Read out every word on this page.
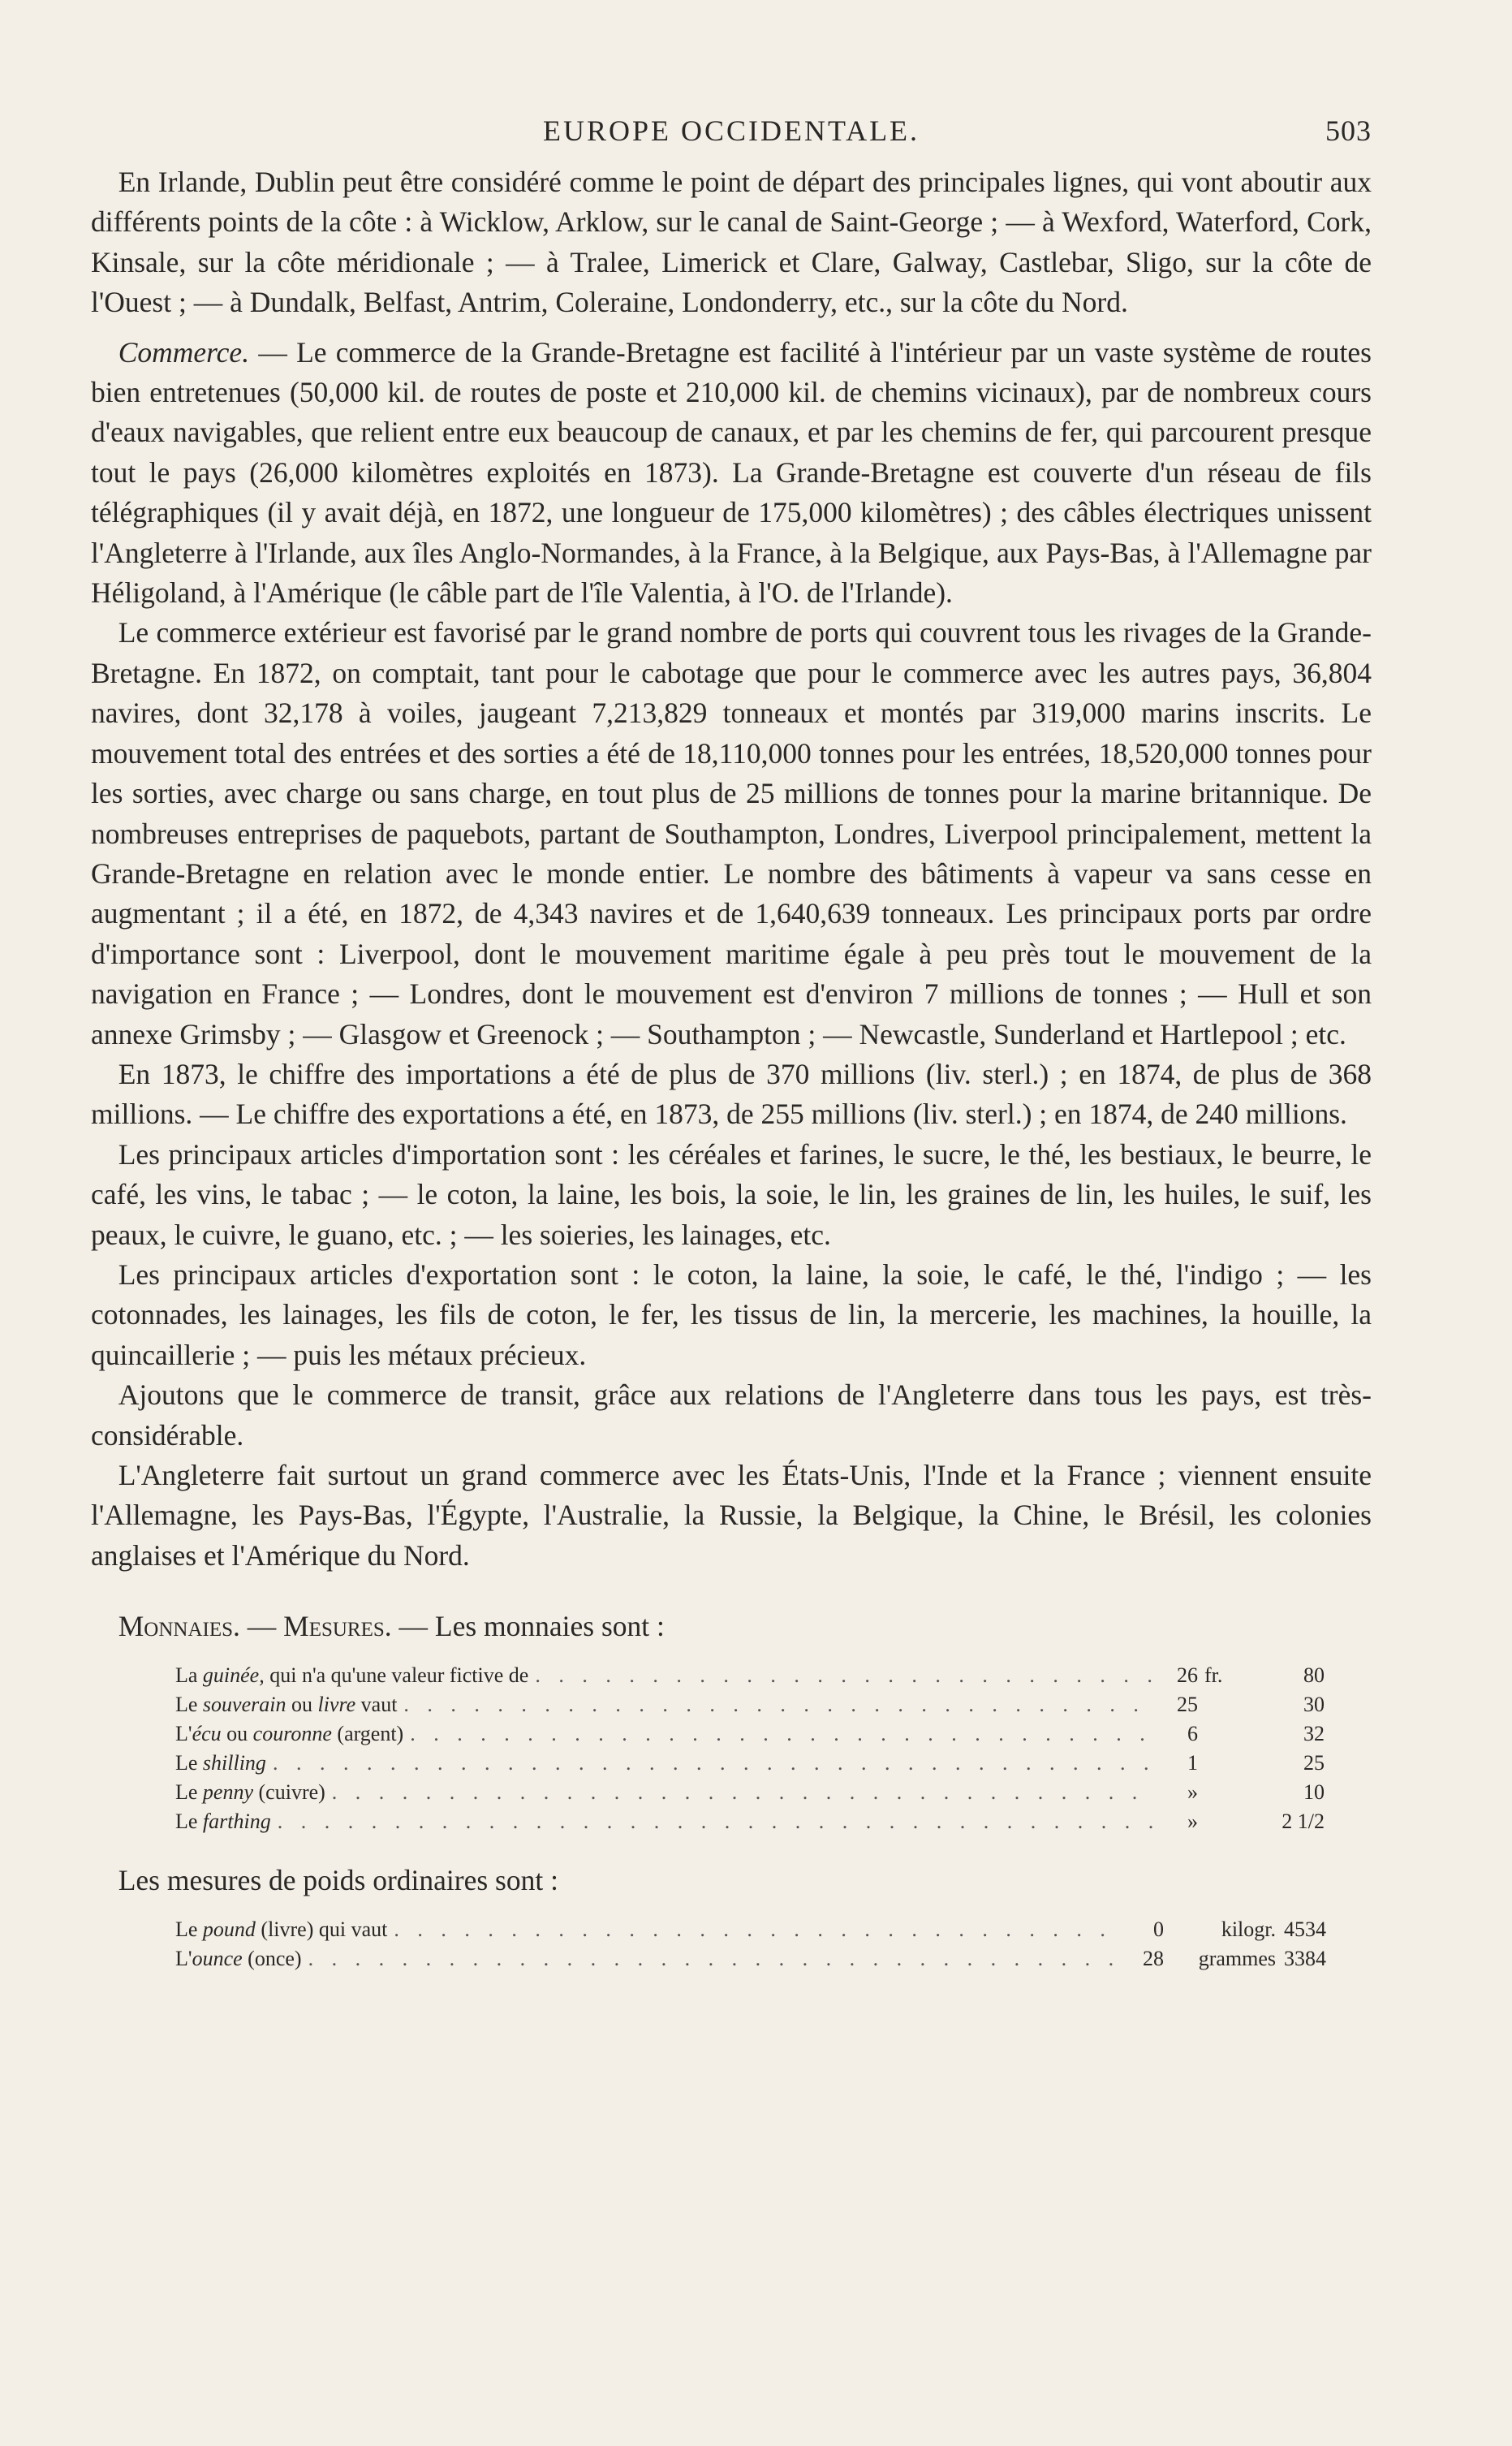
EUROPE OCCIDENTALE.	503

En Irlande, Dublin peut être considéré comme le point de départ des principales lignes, qui vont aboutir aux différents points de la côte : à Wicklow, Arklow, sur le canal de Saint-George ; — à Wexford, Waterford, Cork, Kinsale, sur la côte méridionale ; — à Tralee, Limerick et Clare, Galway, Castlebar, Sligo, sur la côte de l'Ouest ; — à Dundalk, Belfast, Antrim, Coleraine, Londonderry, etc., sur la côte du Nord.

Commerce. — Le commerce de la Grande-Bretagne est facilité à l'intérieur par un vaste système de routes bien entretenues (50,000 kil. de routes de poste et 210,000 kil. de chemins vicinaux), par de nombreux cours d'eaux navigables, que relient entre eux beaucoup de canaux, et par les chemins de fer, qui parcourent presque tout le pays (26,000 kilomètres exploités en 1873). La Grande-Bretagne est couverte d'un réseau de fils télégraphiques (il y avait déjà, en 1872, une longueur de 175,000 kilomètres) ; des câbles électriques unissent l'Angleterre à l'Irlande, aux îles Anglo-Normandes, à la France, à la Belgique, aux Pays-Bas, à l'Allemagne par Héligoland, à l'Amérique (le câble part de l'île Valentia, à l'O. de l'Irlande).

Le commerce extérieur est favorisé par le grand nombre de ports qui couvrent tous les rivages de la Grande-Bretagne. En 1872, on comptait, tant pour le cabotage que pour le commerce avec les autres pays, 36,804 navires, dont 32,178 à voiles, jaugeant 7,213,829 tonneaux et montés par 319,000 marins inscrits. Le mouvement total des entrées et des sorties a été de 18,110,000 tonnes pour les entrées, 18,520,000 tonnes pour les sorties, avec charge ou sans charge, en tout plus de 25 millions de tonnes pour la marine britannique. De nombreuses entreprises de paquebots, partant de Southampton, Londres, Liverpool principalement, mettent la Grande-Bretagne en relation avec le monde entier. Le nombre des bâtiments à vapeur va sans cesse en augmentant ; il a été, en 1872, de 4,343 navires et de 1,640,639 tonneaux. Les principaux ports par ordre d'importance sont : Liverpool, dont le mouvement maritime égale à peu près tout le mouvement de la navigation en France ; — Londres, dont le mouvement est d'environ 7 millions de tonnes ; — Hull et son annexe Grimsby ; — Glasgow et Greenock ; — Southampton ; — Newcastle, Sunderland et Hartlepool ; etc.

En 1873, le chiffre des importations a été de plus de 370 millions (liv. sterl.) ; en 1874, de plus de 368 millions. — Le chiffre des exportations a été, en 1873, de 255 millions (liv. sterl.) ; en 1874, de 240 millions.

Les principaux articles d'importation sont : les céréales et farines, le sucre, le thé, les bestiaux, le beurre, le café, les vins, le tabac ; — le coton, la laine, les bois, la soie, le lin, les graines de lin, les huiles, le suif, les peaux, le cuivre, le guano, etc. ; — les soieries, les lainages, etc.

Les principaux articles d'exportation sont : le coton, la laine, la soie, le café, le thé, l'indigo ; — les cotonnades, les lainages, les fils de coton, le fer, les tissus de lin, la mercerie, les machines, la houille, la quincaillerie ; — puis les métaux précieux.

Ajoutons que le commerce de transit, grâce aux relations de l'Angleterre dans tous les pays, est très-considérable.

L'Angleterre fait surtout un grand commerce avec les États-Unis, l'Inde et la France ; viennent ensuite l'Allemagne, les Pays-Bas, l'Égypte, l'Australie, la Russie, la Belgique, la Chine, le Brésil, les colonies anglaises et l'Amérique du Nord.

Monnaies. — Mesures. — Les monnaies sont :
La guinée, qui n'a qu'une valeur fictive de . . .	26 fr.	80
Le souverain ou livre vaut . . .	25	30
L'écu ou couronne (argent) . . .	6	32
Le shilling . . .	1	25
Le penny (cuivre) . . .	»	10
Le farthing . . .	»	2 1/2
Les mesures de poids ordinaires sont :
Le pound (livre) qui vaut . . .	0	kilogr. 4534
L'ounce (once) . . .	28	grammes 3384
